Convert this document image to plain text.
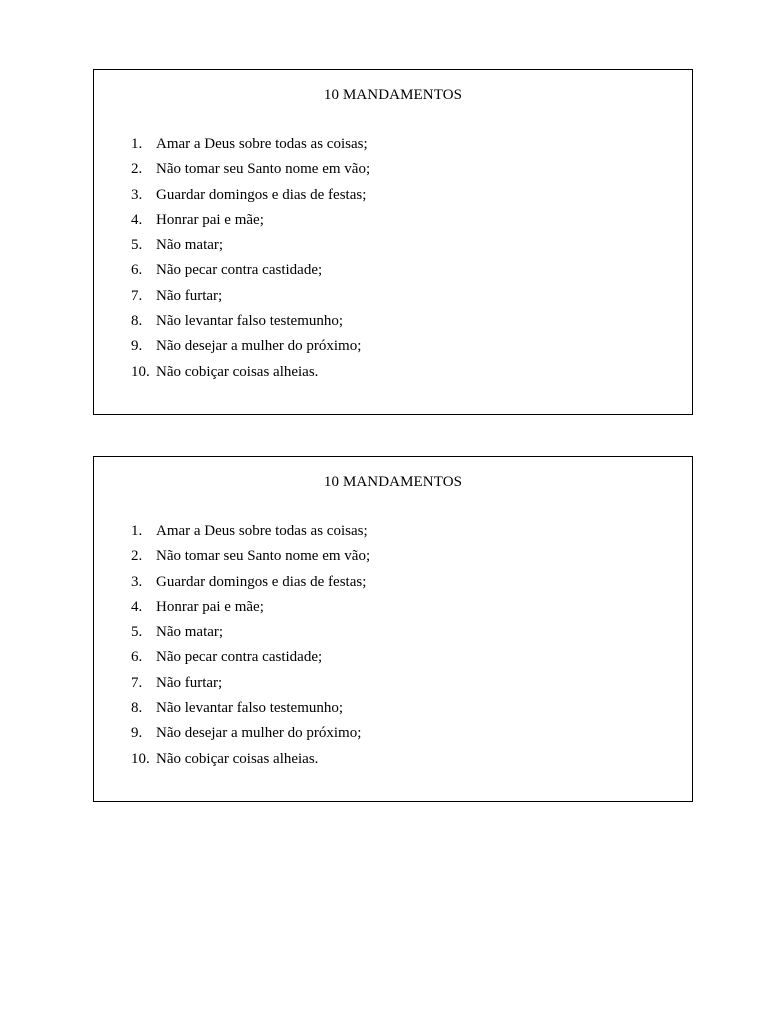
10 MANDAMENTOS
1. Amar a Deus sobre todas as coisas;
2. Não tomar seu Santo nome em vão;
3. Guardar domingos e dias de festas;
4. Honrar pai e mãe;
5. Não matar;
6. Não pecar contra castidade;
7. Não furtar;
8. Não levantar falso testemunho;
9. Não desejar a mulher do próximo;
10. Não cobiçar coisas alheias.
10 MANDAMENTOS
1. Amar a Deus sobre todas as coisas;
2. Não tomar seu Santo nome em vão;
3. Guardar domingos e dias de festas;
4. Honrar pai e mãe;
5. Não matar;
6. Não pecar contra castidade;
7. Não furtar;
8. Não levantar falso testemunho;
9. Não desejar a mulher do próximo;
10. Não cobiçar coisas alheias.
